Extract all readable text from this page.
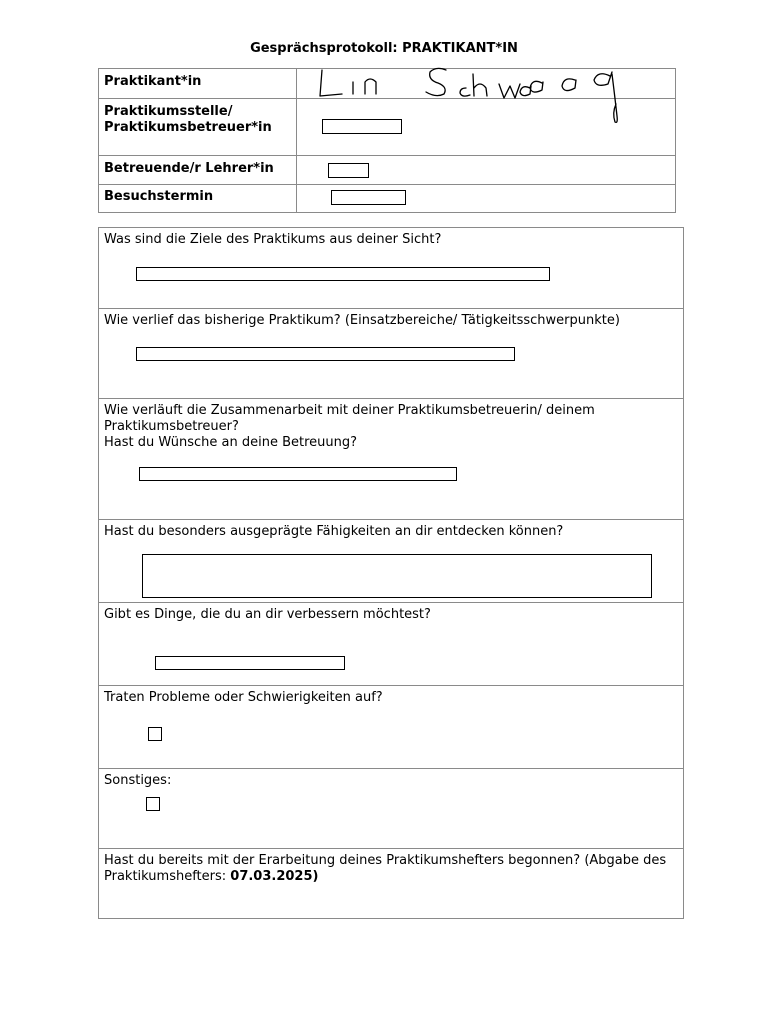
Gesprächsprotokoll: PRAKTIKANT*IN
Praktikant*in
Praktikumsstelle/
Praktikumsbetreuer*in
Betreuende/r Lehrer*in
Besuchstermin
Was sind die Ziele des Praktikums aus deiner Sicht?
Wie verlief das bisherige Praktikum? (Einsatzbereiche/ Tätigkeitsschwerpunkte)
Wie verläuft die Zusammenarbeit mit deiner Praktikumsbetreuerin/ deinem
Praktikumsbetreuer?
Hast du Wünsche an deine Betreuung?
Hast du besonders ausgeprägte Fähigkeiten an dir entdecken können?
Gibt es Dinge, die du an dir verbessern möchtest?
Traten Probleme oder Schwierigkeiten auf?
Sonstiges:
Hast du bereits mit der Erarbeitung deines Praktikumshefters begonnen? (Abgabe des
Praktikumshefters: 07.03.2025)
